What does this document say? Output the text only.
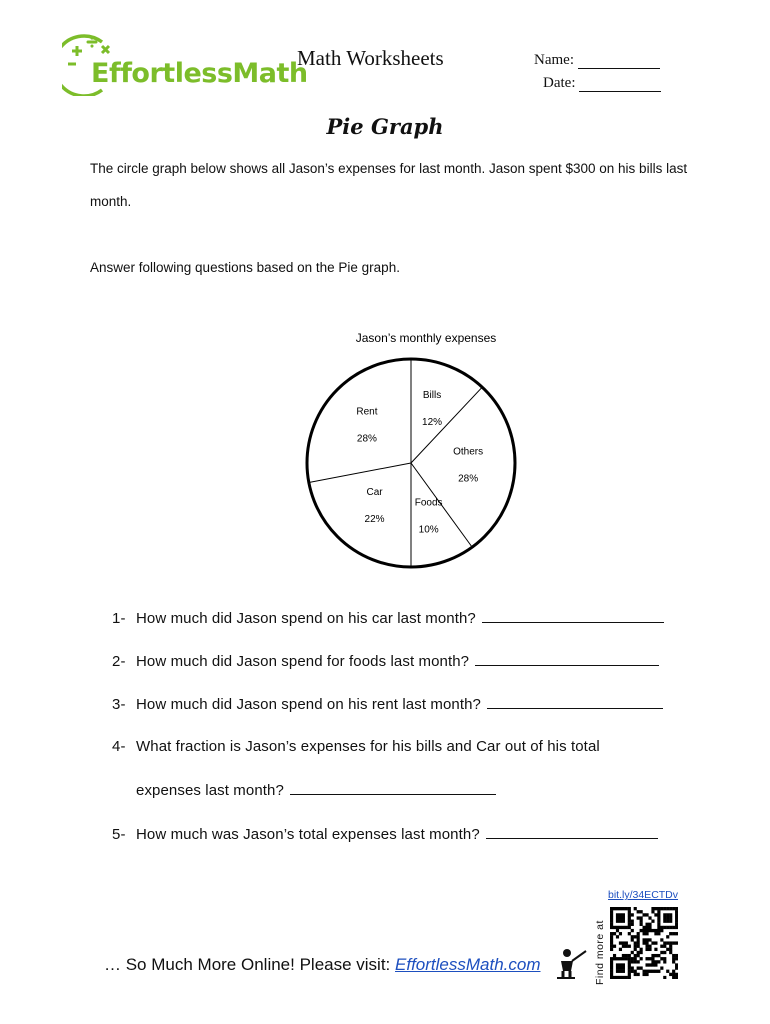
EffortlessMath
Math Worksheets	Name:
Date:
Pie Graph
The circle graph below shows all Jason’s expenses for last month. Jason spent $300 on his bills last month.
Answer following questions based on the Pie graph.
Jason’s monthly expenses
Bills
12%
Others
28%
Foods
10%
Car
22%
Rent
28%
1- How much did Jason spend on his car last month?
2- How much did Jason spend for foods last month?
3- How much did Jason spend on his rent last month?
4- What fraction is Jason’s expenses for his bills and Car out of his total
expenses last month?
5- How much was Jason’s total expenses last month?
bit.ly/34ECTDv
Find more at
… So Much More Online! Please visit: EffortlessMath.com
